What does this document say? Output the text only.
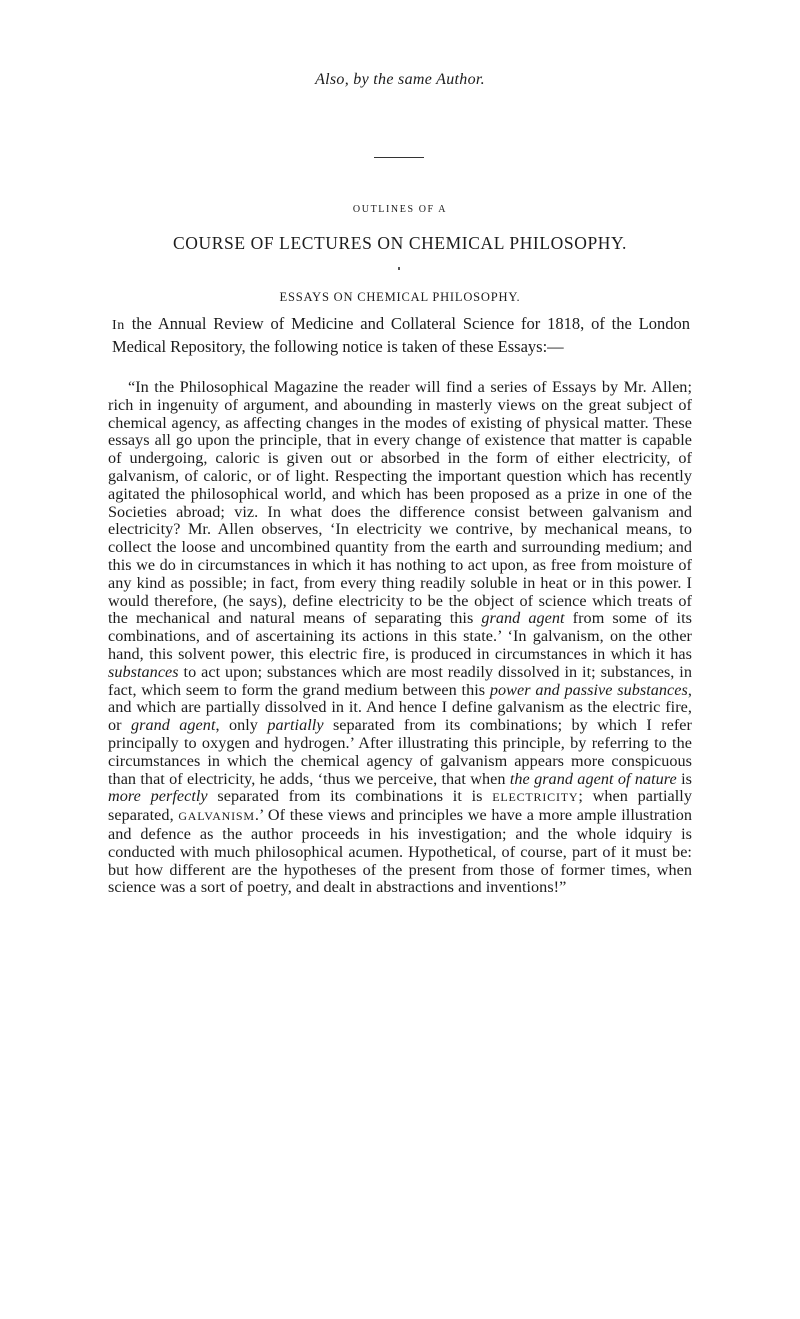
Also, by the same Author.
OUTLINES OF A
COURSE OF LECTURES ON CHEMICAL PHILOSOPHY.
ESSAYS ON CHEMICAL PHILOSOPHY.

In the Annual Review of Medicine and Collateral Science for 1818, of the London Medical Repository, the following notice is taken of these Essays:—

“In the Philosophical Magazine the reader will find a series of Essays by Mr. Allen; rich in ingenuity of argument, and abounding in masterly views on the great subject of chemical agency, as affecting changes in the modes of existing of physical matter. These essays all go upon the principle, that in every change of existence that matter is capable of undergoing, caloric is given out or absorbed in the form of either electricity, of galvanism, of caloric, or of light. Respecting the important question which has recently agitated the philosophical world, and which has been proposed as a prize in one of the Societies abroad; viz. In what does the difference consist between galvanism and electricity? Mr. Allen observes, ‘In electricity we contrive, by mechanical means, to collect the loose and uncombined quantity from the earth and surrounding medium; and this we do in circumstances in which it has nothing to act upon, as free from moisture of any kind as possible; in fact, from every thing readily soluble in heat or in this power. I would therefore, (he says), define electricity to be the object of science which treats of the mechanical and natural means of separating this grand agent from some of its combinations, and of ascertaining its actions in this state.’ ‘In galvanism, on the other hand, this solvent power, this electric fire, is produced in circumstances in which it has substances to act upon; substances which are most readily dissolved in it; substances, in fact, which seem to form the grand medium between this power and passive substances, and which are partially dissolved in it. And hence I define galvanism as the electric fire, or grand agent, only partially separated from its combinations; by which I refer principally to oxygen and hydrogen.’ After illustrating this principle, by referring to the circumstances in which the chemical agency of galvanism appears more conspicuous than that of electricity, he adds, ‘thus we perceive, that when the grand agent of nature is more perfectly separated from its combinations it is ELECTRICITY; when partially separated, GALVANISM.’ Of these views and principles we have a more ample illustration and defence as the author proceeds in his investigation; and the whole idquiry is conducted with much philosophical acumen. Hypothetical, of course, part of it must be: but how different are the hypotheses of the present from those of former times, when science was a sort of poetry, and dealt in abstractions and inventions!”
